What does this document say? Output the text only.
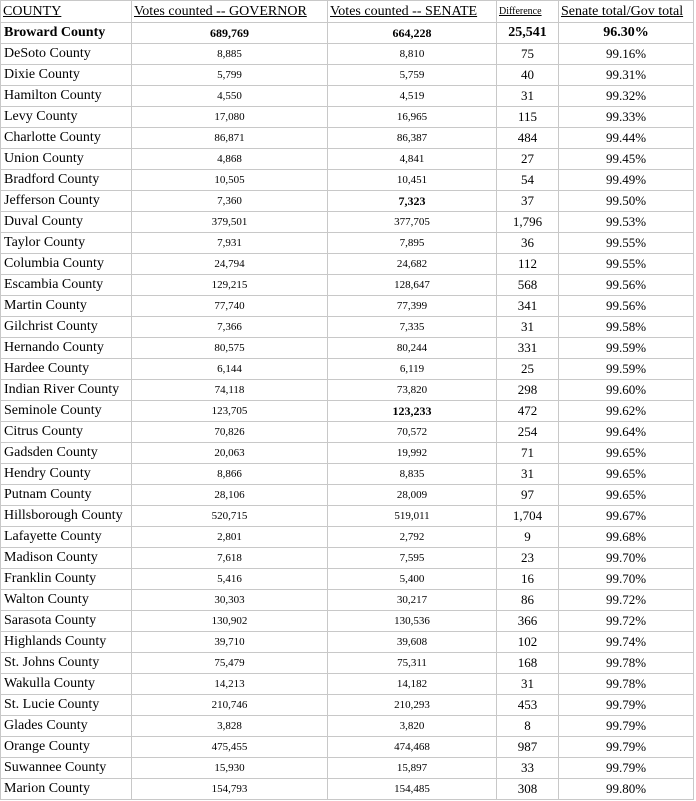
COUNTY	Votes counted -- GOVERNOR	Votes counted -- SENATE	Difference	Senate total/Gov total
Broward County	689,769	664,228	25,541	96.30%
DeSoto County	8,885	8,810	75	99.16%
Dixie County	5,799	5,759	40	99.31%
Hamilton County	4,550	4,519	31	99.32%
Levy County	17,080	16,965	115	99.33%
Charlotte County	86,871	86,387	484	99.44%
Union County	4,868	4,841	27	99.45%
Bradford County	10,505	10,451	54	99.49%
Jefferson County	7,360	7,323	37	99.50%
Duval County	379,501	377,705	1,796	99.53%
Taylor County	7,931	7,895	36	99.55%
Columbia County	24,794	24,682	112	99.55%
Escambia County	129,215	128,647	568	99.56%
Martin County	77,740	77,399	341	99.56%
Gilchrist County	7,366	7,335	31	99.58%
Hernando County	80,575	80,244	331	99.59%
Hardee County	6,144	6,119	25	99.59%
Indian River County	74,118	73,820	298	99.60%
Seminole County	123,705	123,233	472	99.62%
Citrus County	70,826	70,572	254	99.64%
Gadsden County	20,063	19,992	71	99.65%
Hendry County	8,866	8,835	31	99.65%
Putnam County	28,106	28,009	97	99.65%
Hillsborough County	520,715	519,011	1,704	99.67%
Lafayette County	2,801	2,792	9	99.68%
Madison County	7,618	7,595	23	99.70%
Franklin County	5,416	5,400	16	99.70%
Walton County	30,303	30,217	86	99.72%
Sarasota County	130,902	130,536	366	99.72%
Highlands County	39,710	39,608	102	99.74%
St. Johns County	75,479	75,311	168	99.78%
Wakulla County	14,213	14,182	31	99.78%
St. Lucie County	210,746	210,293	453	99.79%
Glades County	3,828	3,820	8	99.79%
Orange County	475,455	474,468	987	99.79%
Suwannee County	15,930	15,897	33	99.79%
Marion County	154,793	154,485	308	99.80%
